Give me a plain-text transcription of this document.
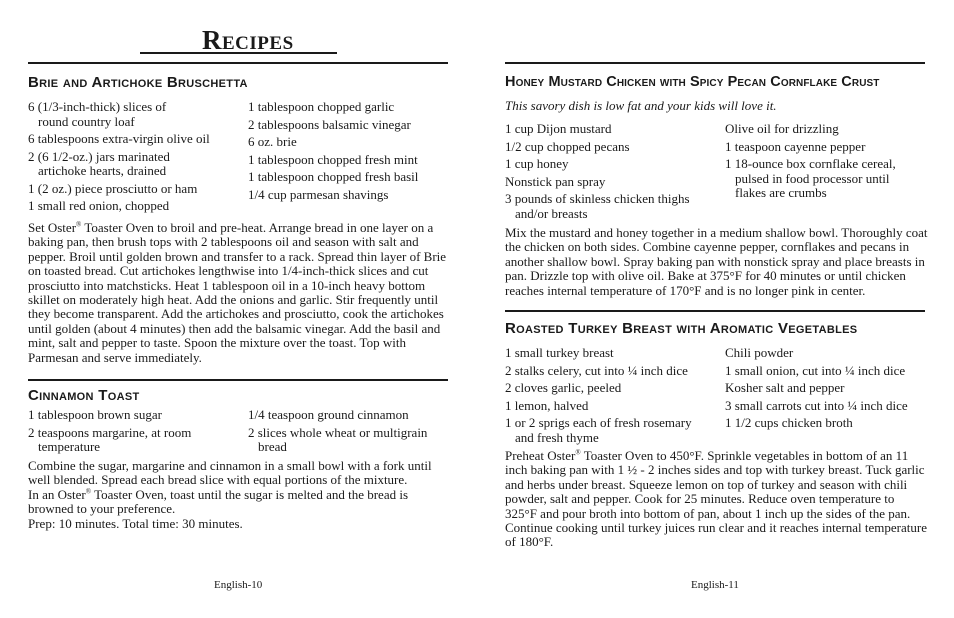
Recipes
Brie and Artichoke Bruschetta
6 (1/3-inch-thick) slices of
round country loaf
6 tablespoons extra-virgin olive oil
2 (6 1/2-oz.) jars marinated
artichoke hearts, drained
1 (2 oz.) piece prosciutto or ham
1 small red onion, chopped
1 tablespoon chopped garlic
2 tablespoons balsamic vinegar
6 oz. brie
1 tablespoon chopped fresh mint
1 tablespoon chopped fresh basil
1/4 cup parmesan shavings
Set Oster® Toaster Oven to broil and pre-heat. Arrange bread in one layer on a baking pan, then brush tops with 2 tablespoons oil and season with salt and pepper. Broil until golden brown and transfer to a rack. Spread thin layer of Brie on toasted bread. Cut artichokes lengthwise into 1/4-inch-thick slices and cut prosciutto into matchsticks. Heat 1 tablespoon oil in a 10-inch heavy bottom skillet on moderately high heat. Add the onions and garlic. Stir frequently until they become transparent. Add the artichokes and prosciutto, cook the artichokes until golden (about 4 minutes) then add the balsamic vinegar. Add the basil and mint, salt and pepper to taste. Spoon the mixture over the toast. Top with Parmesan and serve immediately.
Cinnamon Toast
1 tablespoon brown sugar
2 teaspoons margarine, at room
temperature
1/4 teaspoon ground cinnamon
2 slices whole wheat or multigrain
bread
Combine the sugar, margarine and cinnamon in a small bowl with a fork until well blended. Spread each bread slice with equal portions of the mixture.
In an Oster® Toaster Oven, toast until the sugar is melted and the bread is browned to your preference.
Prep: 10 minutes. Total time: 30 minutes.
English-10
Honey Mustard Chicken with Spicy Pecan Cornflake Crust
This savory dish is low fat and your kids will love it.
1 cup Dijon mustard
1/2 cup chopped pecans
1 cup honey
Nonstick pan spray
3 pounds of skinless chicken thighs
and/or breasts
Olive oil for drizzling
1 teaspoon cayenne pepper
1 18-ounce box cornflake cereal,
pulsed in food processor until
flakes are crumbs
Mix the mustard and honey together in a medium shallow bowl. Thoroughly coat the chicken on both sides. Combine cayenne pepper, cornflakes and pecans in another shallow bowl. Spray baking pan with nonstick spray and place breasts in pan. Drizzle top with olive oil. Bake at 375°F for 40 minutes or until chicken reaches internal temperature of 170°F and is no longer pink in center.
Roasted Turkey Breast with Aromatic Vegetables
1 small turkey breast
2 stalks celery, cut into ¼ inch dice
2 cloves garlic, peeled
1 lemon, halved
1 or 2 sprigs each of fresh rosemary
and fresh thyme
Chili powder
1 small onion, cut into ¼ inch dice
Kosher salt and pepper
3 small carrots cut into ¼ inch dice
1 1/2 cups chicken broth
Preheat Oster® Toaster Oven to 450°F. Sprinkle vegetables in bottom of an 11 inch baking pan with 1 ½ - 2 inches sides and top with turkey breast. Tuck garlic and herbs under breast. Squeeze lemon on top of turkey and season with chili powder, salt and pepper. Cook for 25 minutes. Reduce oven temperature to 325°F and pour broth into bottom of pan, about 1 inch up the sides of the pan. Continue cooking until turkey juices run clear and it reaches internal temperature of 180°F.
English-11
